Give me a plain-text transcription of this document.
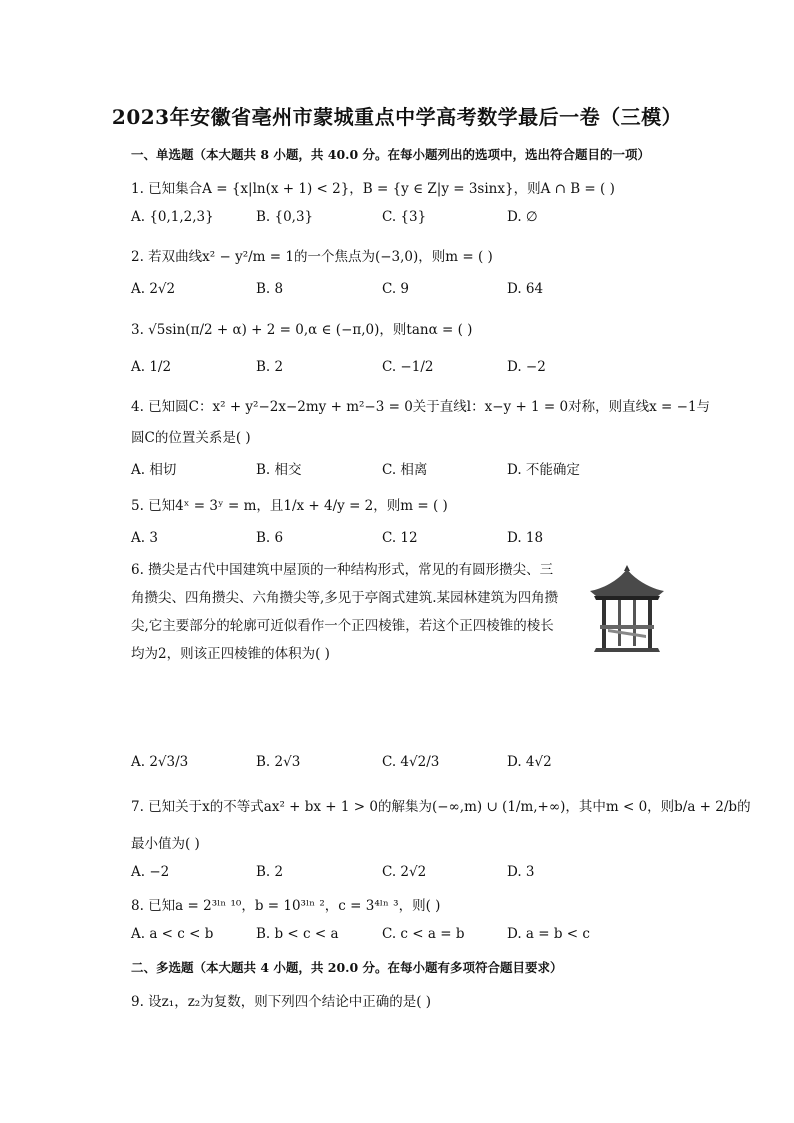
2023年安徽省亳州市蒙城重点中学高考数学最后一卷（三模）
一、单选题（本大题共 8 小题，共 40.0 分。在每小题列出的选项中，选出符合题目的一项）
1. 已知集合A = {x|ln(x + 1) < 2}，B = {y ∈ Z|y = 3sinx}，则A ∩ B = ( )
A. {0,1,2,3}	B. {0,3}	C. {3}	D. ∅
2. 若双曲线x² − y²/m = 1的一个焦点为(−3,0)，则m = ( )
A. 2√2	B. 8	C. 9	D. 64
3. √5sin(π/2 + α) + 2 = 0,α ∈ (−π,0)，则tanα = ( )
A. 1/2	B. 2	C. −1/2	D. −2
4. 已知圆C：x² + y²−2x−2my + m²−3 = 0关于直线l：x−y + 1 = 0对称，则直线x = −1与
圆C的位置关系是( )
A. 相切	B. 相交	C. 相离	D. 不能确定
5. 已知4ˣ = 3ʸ = m，且1/x + 4/y = 2，则m = ( )
A. 3	B. 6	C. 12	D. 18
6. 攒尖是古代中国建筑中屋顶的一种结构形式，常见的有圆形攒尖、三角攒尖、四角攒尖、六角攒尖等,多见于亭阁式建筑.某园林建筑为四角攒尖,它主要部分的轮廓可近似看作一个正四棱锥，若这个正四棱锥的棱长均为2，则该正四棱锥的体积为( )
A. 2√3/3	B. 2√3	C. 4√2/3	D. 4√2
7. 已知关于x的不等式ax² + bx + 1 > 0的解集为(−∞,m) ∪ (1/m,+∞)，其中m < 0，则b/a + 2/b的
最小值为( )
A. −2	B. 2	C. 2√2	D. 3
8. 已知a = 2³ˡⁿ ¹⁰，b = 10³ˡⁿ ²，c = 3⁴ˡⁿ ³，则( )
A. a < c < b	B. b < c < a	C. c < a = b	D. a = b < c
二、多选题（本大题共 4 小题，共 20.0 分。在每小题有多项符合题目要求）
9. 设z₁，z₂为复数，则下列四个结论中正确的是( )
